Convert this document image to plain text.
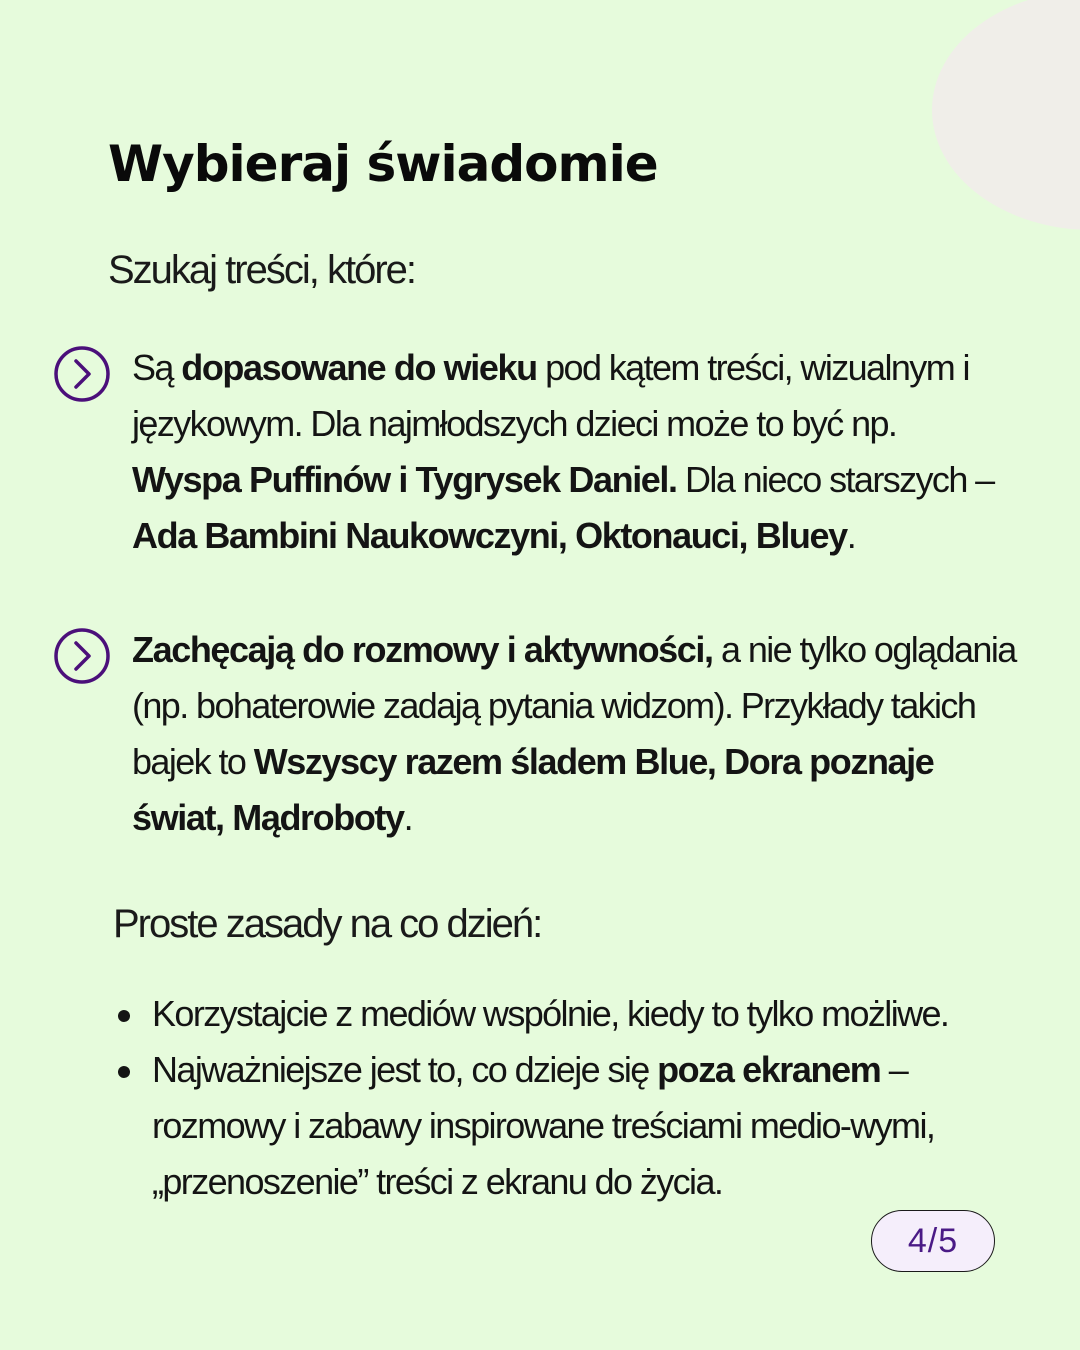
Wybieraj świadomie

Szukaj treści, które:

Są dopasowane do wieku pod kątem treści, wizualnym i językowym. Dla najmłodszych dzieci może to być np.
Wyspa Puffinów i Tygrysek Daniel. Dla nieco starszych – Ada Bambini Naukowczyni, Oktonauci, Bluey.

Zachęcają do rozmowy i aktywności, a nie tylko oglądania (np. bohaterowie zadają pytania widzom). Przykłady takich bajek to Wszyscy razem śladem Blue, Dora poznaje świat, Mądroboty.

Proste zasady na co dzień:

Korzystajcie z mediów wspólnie, kiedy to tylko możliwe.
Najważniejsze jest to, co dzieje się poza ekranem – rozmowy i zabawy inspirowane treściami medio-wymi, „przenoszenie” treści z ekranu do życia.
4/5
